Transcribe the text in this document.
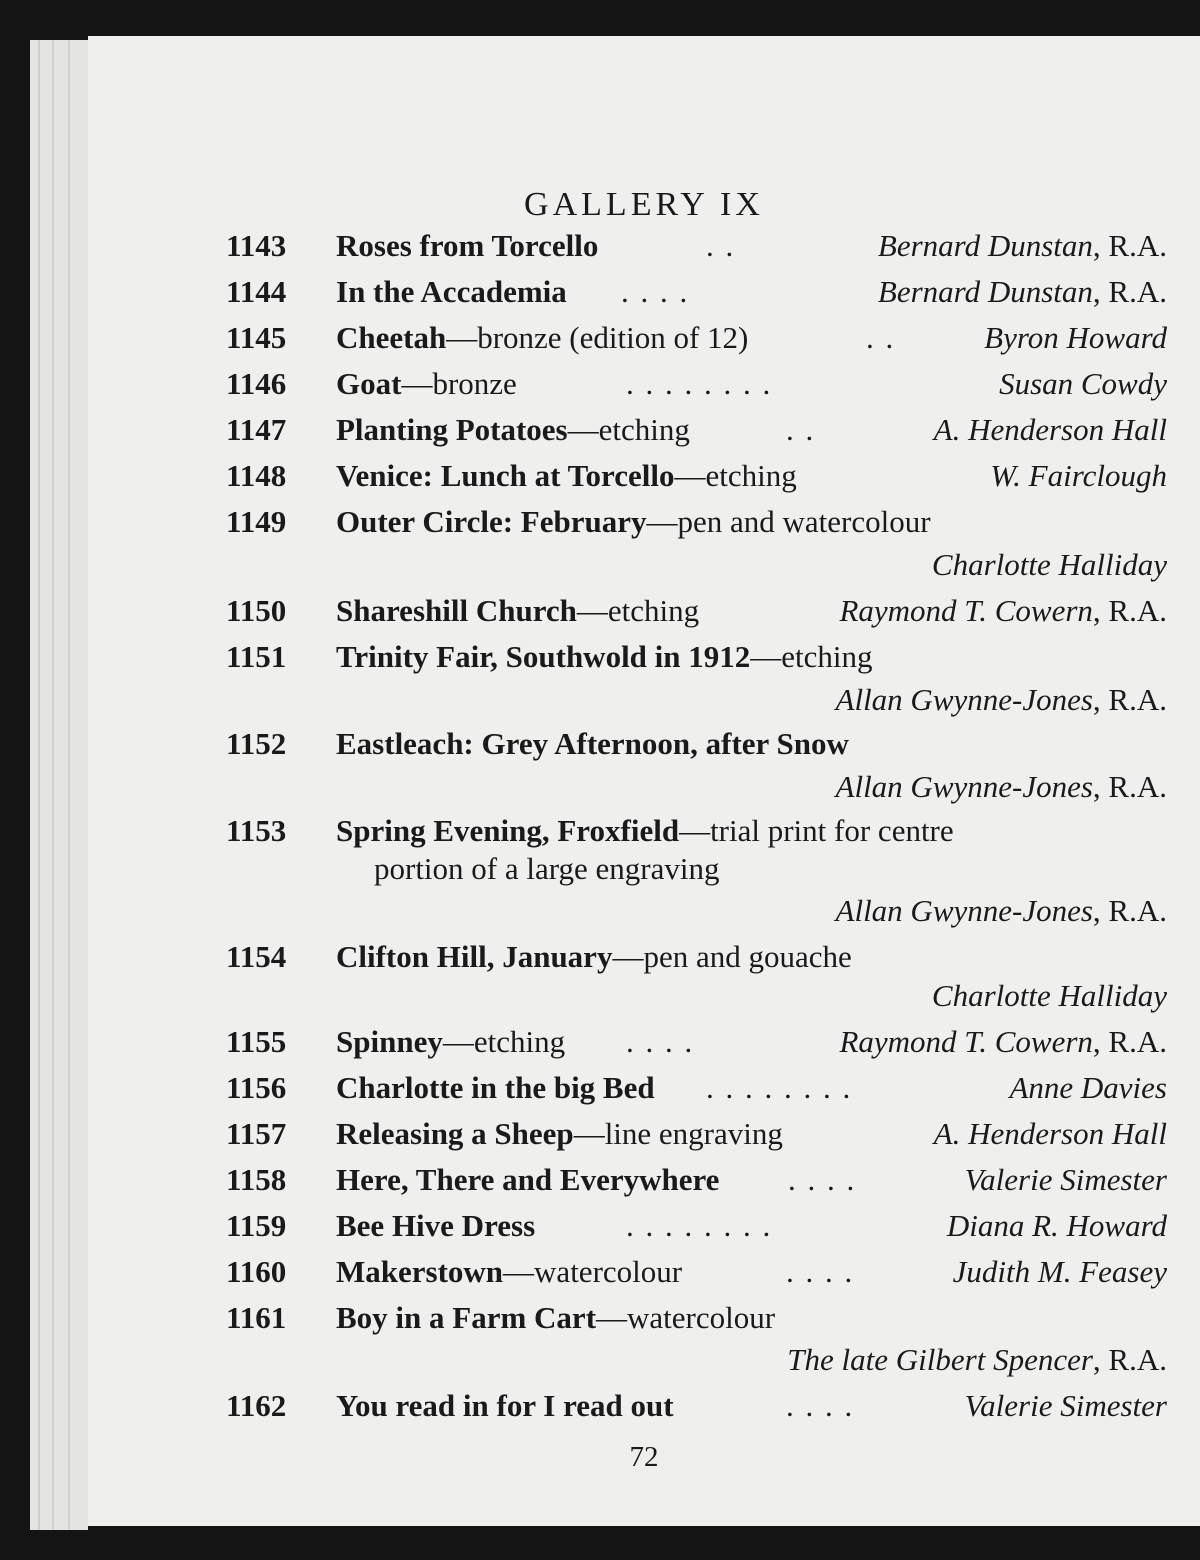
GALLERY IX
1143 Roses from Torcello	. .	Bernard Dunstan, R.A.
1144 In the Accademia . . . .	Bernard Dunstan, R.A.
1145 Cheetah—bronze (edition of 12)	. .	Byron Howard
1146 Goat—bronze	. . . . . . . .	Susan Cowdy
1147 Planting Potatoes—etching	. .	A. Henderson Hall
1148 Venice: Lunch at Torcello—etching	W. Fairclough
1149 Outer Circle: February—pen and watercolour
Charlotte Halliday
1150 Shareshill Church—etching	Raymond T. Cowern, R.A.
1151 Trinity Fair, Southwold in 1912—etching
Allan Gwynne-Jones, R.A.
1152 Eastleach: Grey Afternoon, after Snow
Allan Gwynne-Jones, R.A.
1153 Spring Evening, Froxfield—trial print for centre
portion of a large engraving
Allan Gwynne-Jones, R.A.
1154 Clifton Hill, January—pen and gouache
Charlotte Halliday
1155 Spinney—etching . . . .	Raymond T. Cowern, R.A.
1156 Charlotte in the big Bed . . . . . . . .	Anne Davies
1157 Releasing a Sheep—line engraving	A. Henderson Hall
1158 Here, There and Everywhere . . . .	Valerie Simester
1159 Bee Hive Dress	. . . . . . . .	Diana R. Howard
1160 Makerstown—watercolour	. . . .	Judith M. Feasey
1161 Boy in a Farm Cart—watercolour
The late Gilbert Spencer, R.A.
1162 You read in for I read out	. . . .	Valerie Simester
72
